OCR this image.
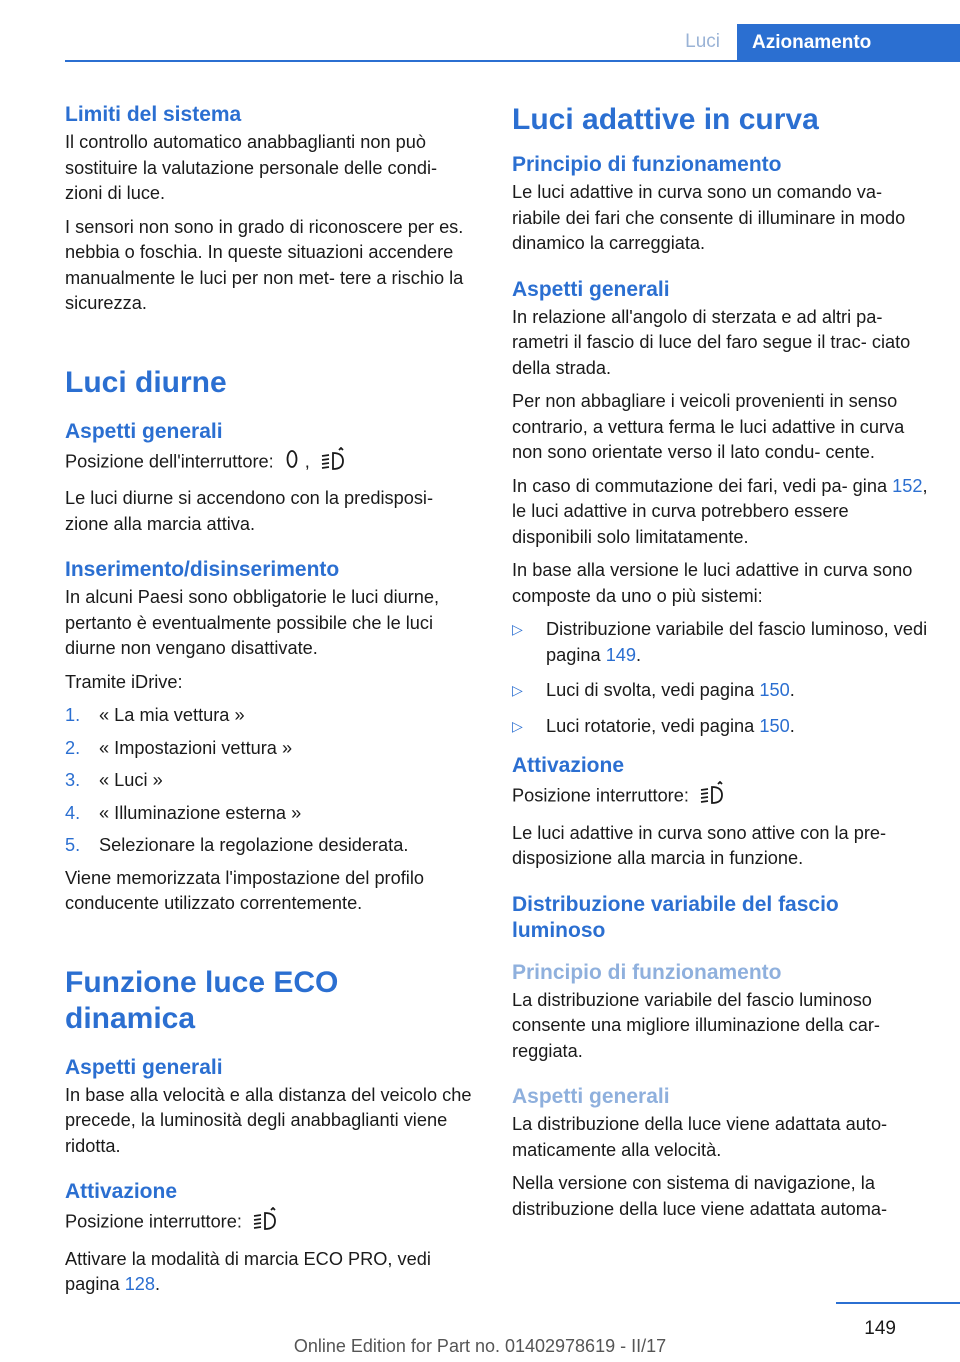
Luci	Azionamento
Limiti del sistema
Il controllo automatico anabbaglianti non può sostituire la valutazione personale delle condi- zioni di luce.
I sensori non sono in grado di riconoscere per es. nebbia o foschia. In queste situazioni accendere manualmente le luci per non met- tere a rischio la sicurezza.
Luci diurne
Aspetti generali
Posizione dell'interruttore: ,
Le luci diurne si accendono con la predisposi- zione alla marcia attiva.
Inserimento/disinserimento
In alcuni Paesi sono obbligatorie le luci diurne, pertanto è eventualmente possibile che le luci diurne non vengano disattivate.
Tramite iDrive:
1.	« La mia vettura »
2.	« Impostazioni vettura »
3.	« Luci »
4.	« Illuminazione esterna »
5.	Selezionare la regolazione desiderata.
Viene memorizzata l'impostazione del profilo conducente utilizzato correntemente.
Funzione luce ECO dinamica
Aspetti generali
In base alla velocità e alla distanza del veicolo che precede, la luminosità degli anabbaglianti viene ridotta.
Attivazione
Posizione interruttore:
Attivare la modalità di marcia ECO PRO, vedi pagina 128.
Luci adattive in curva
Principio di funzionamento
Le luci adattive in curva sono un comando va- riabile dei fari che consente di illuminare in modo dinamico la carreggiata.
Aspetti generali
In relazione all'angolo di sterzata e ad altri pa- rametri il fascio di luce del faro segue il trac- ciato della strada.
Per non abbagliare i veicoli provenienti in senso contrario, a vettura ferma le luci adattive in curva non sono orientate verso il lato condu- cente.
In caso di commutazione dei fari, vedi pa- gina 152, le luci adattive in curva potrebbero essere disponibili solo limitatamente.
In base alla versione le luci adattive in curva sono composte da uno o più sistemi:
▷	Distribuzione variabile del fascio luminoso, vedi pagina 149.
▷	Luci di svolta, vedi pagina 150.
▷	Luci rotatorie, vedi pagina 150.
Attivazione
Posizione interruttore:
Le luci adattive in curva sono attive con la pre- disposizione alla marcia in funzione.
Distribuzione variabile del fascio luminoso
Principio di funzionamento
La distribuzione variabile del fascio luminoso consente una migliore illuminazione della car- reggiata.
Aspetti generali
La distribuzione della luce viene adattata auto- maticamente alla velocità.
Nella versione con sistema di navigazione, la distribuzione della luce viene adattata automa-
149
Online Edition for Part no. 01402978619 - II/17
